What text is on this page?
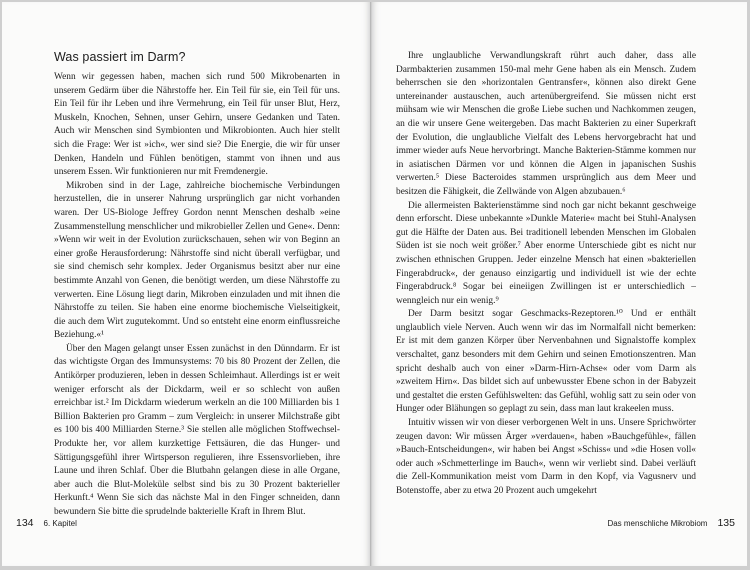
Was passiert im Darm?

Wenn wir gegessen haben, machen sich rund 500 Mikrobenarten in unserem Gedärm über die Nährstoffe her. Ein Teil für sie, ein Teil für uns. Ein Teil für ihr Leben und ihre Vermehrung, ein Teil für unser Blut, Herz, Muskeln, Knochen, Sehnen, unser Gehirn, unsere Gedanken und Taten. Auch wir Menschen sind Symbionten und Mikrobionten. Auch hier stellt sich die Frage: Wer ist »ich«, wer sind sie? Die Energie, die wir für unser Denken, Handeln und Fühlen benötigen, stammt von ihnen und aus unserem Essen. Wir funktionieren nur mit Fremdenergie.

Mikroben sind in der Lage, zahlreiche biochemische Verbindungen herzustellen, die in unserer Nahrung ursprünglich gar nicht vorhanden waren. Der US-Biologe Jeffrey Gordon nennt Menschen deshalb »eine Zusammenstellung menschlicher und mikrobieller Zellen und Gene«. Denn: »Wenn wir weit in der Evolution zurückschauen, sehen wir von Beginn an einer große Herausforderung: Nährstoffe sind nicht überall verfügbar, und sie sind chemisch sehr komplex. Jeder Organismus besitzt aber nur eine bestimmte Anzahl von Genen, die benötigt werden, um diese Nährstoffe zu verwerten. Eine Lösung liegt darin, Mikroben einzuladen und mit ihnen die Nährstoffe zu teilen. Sie haben eine enorme biochemische Vielseitigkeit, die auch dem Wirt zugutekommt. Und so entsteht eine enorm einflussreiche Beziehung.«¹

Über den Magen gelangt unser Essen zunächst in den Dünndarm. Er ist das wichtigste Organ des Immunsystems: 70 bis 80 Prozent der Zellen, die Antikörper produzieren, leben in dessen Schleimhaut. Allerdings ist er weit weniger erforscht als der Dickdarm, weil er so schlecht von außen erreichbar ist.² Im Dickdarm wiederum werkeln an die 100 Milliarden bis 1 Billion Bakterien pro Gramm – zum Vergleich: in unserer Milchstraße gibt es 100 bis 400 Milliarden Sterne.³ Sie stellen alle möglichen Stoffwechsel-Produkte her, vor allem kurzkettige Fettsäuren, die das Hunger- und Sättigungsgefühl ihrer Wirtsperson regulieren, ihre Essensvorlieben, ihre Laune und ihren Schlaf. Über die Blutbahn gelangen diese in alle Organe, aber auch die Blut-Moleküle selbst sind bis zu 30 Prozent bakterieller Herkunft.⁴ Wenn Sie sich das nächste Mal in den Finger schneiden, dann bewundern Sie bitte die sprudelnde bakterielle Kraft in Ihrem Blut.

134 6. Kapitel

Ihre unglaubliche Verwandlungskraft rührt auch daher, dass alle Darmbakterien zusammen 150-mal mehr Gene haben als ein Mensch. Zudem beherrschen sie den »horizontalen Gentransfer«, können also direkt Gene untereinander austauschen, auch artenübergreifend. Sie müssen nicht erst mühsam wie wir Menschen die große Liebe suchen und Nachkommen zeugen, an die wir unsere Gene weitergeben. Das macht Bakterien zu einer Superkraft der Evolution, die unglaubliche Vielfalt des Lebens hervorgebracht hat und immer wieder aufs Neue hervorbringt. Manche Bakterien-Stämme kommen nur in asiatischen Därmen vor und können die Algen in japanischen Sushis verwerten.⁵ Diese Bacteroides stammen ursprünglich aus dem Meer und besitzen die Fähigkeit, die Zellwände von Algen abzubauen.⁶

Die allermeisten Bakterienstämme sind noch gar nicht bekannt geschweige denn erforscht. Diese unbekannte »Dunkle Materie« macht bei Stuhl-Analysen gut die Hälfte der Daten aus. Bei traditionell lebenden Menschen im Globalen Süden ist sie noch weit größer.⁷ Aber enorme Unterschiede gibt es nicht nur zwischen ethnischen Gruppen. Jeder einzelne Mensch hat einen »bakteriellen Fingerabdruck«, der genauso einzigartig und individuell ist wie der echte Fingerabdruck.⁸ Sogar bei eineiigen Zwillingen ist er unterschiedlich – wenngleich nur ein wenig.⁹

Der Darm besitzt sogar Geschmacks-Rezeptoren.¹⁰ Und er enthält unglaublich viele Nerven. Auch wenn wir das im Normalfall nicht bemerken: Er ist mit dem ganzen Körper über Nervenbahnen und Signalstoffe komplex verschaltet, ganz besonders mit dem Gehirn und seinen Emotionszentren. Man spricht deshalb auch von einer »Darm-Hirn-Achse« oder vom Darm als »zweitem Hirn«. Das bildet sich auf unbewusster Ebene schon in der Babyzeit und gestaltet die ersten Gefühlswelten: das Gefühl, wohlig satt zu sein oder von Hunger oder Blähungen so geplagt zu sein, dass man laut krakeelen muss.

Intuitiv wissen wir von dieser verborgenen Welt in uns. Unsere Sprichwörter zeugen davon: Wir müssen Ärger »verdauen«, haben »Bauchgefühle«, fällen »Bauch-Entscheidungen«, wir haben bei Angst »Schiss« und »die Hosen voll« oder auch »Schmetterlinge im Bauch«, wenn wir verliebt sind. Dabei verläuft die Zell-Kommunikation meist vom Darm in den Kopf, via Vagusnerv und Botenstoffe, aber zu etwa 20 Prozent auch umgekehrt

Das menschliche Mikrobiom 135
